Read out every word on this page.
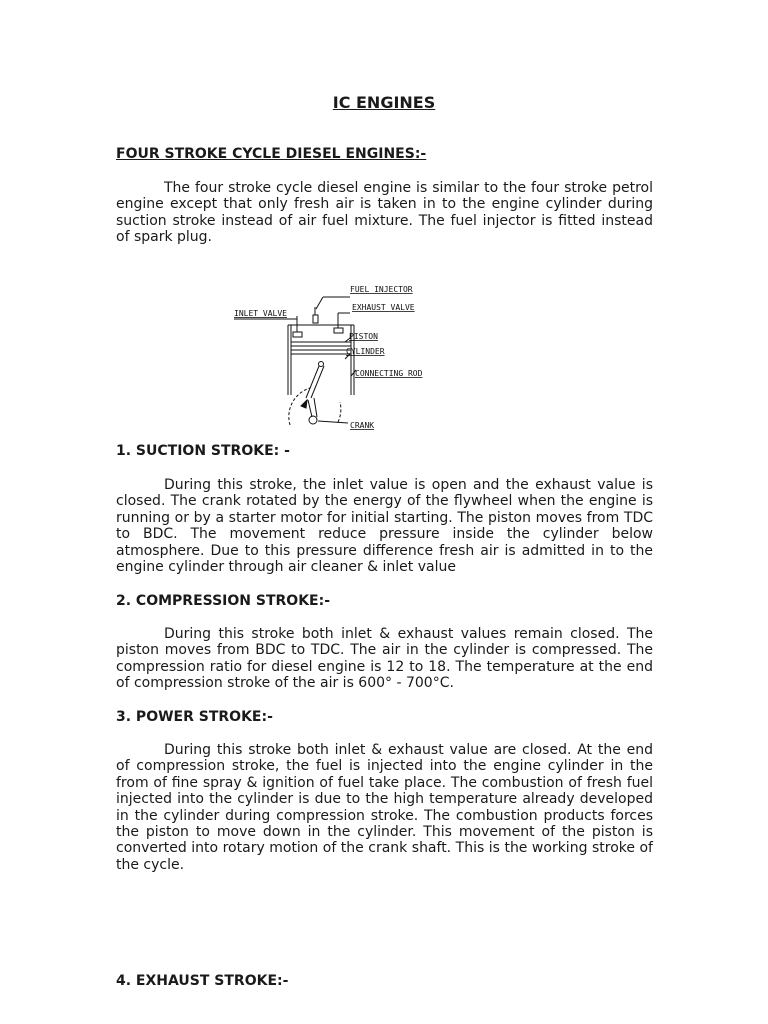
IC ENGINES
FOUR STROKE CYCLE DIESEL ENGINES:-

The four stroke cycle diesel engine is similar to the four stroke petrol engine except that only fresh air is taken in to the engine cylinder during suction stroke instead of air fuel mixture. The fuel injector is fitted instead of spark plug.

FUEL INJECTOR
EXHAUST VALVE
INLET VALVE
PISTON
CYLINDER
CONNECTING ROD
CRANK
1. SUCTION STROKE: -

During this stroke, the inlet value is open and the exhaust value is closed. The crank rotated by the energy of the flywheel when the engine is running or by a starter motor for initial starting. The piston moves from TDC to BDC. The movement reduce pressure inside the cylinder below atmosphere. Due to this pressure difference fresh air is admitted in to the engine cylinder through air cleaner & inlet value

2. COMPRESSION STROKE:-

During this stroke both inlet & exhaust values remain closed. The piston moves from BDC to TDC. The air in the cylinder is compressed. The compression ratio for diesel engine is 12 to 18. The temperature at the end of compression stroke of the air is 600° - 700°C.

3. POWER STROKE:-

During this stroke both inlet & exhaust value are closed. At the end of compression stroke, the fuel is injected into the engine cylinder in the from of fine spray & ignition of fuel take place. The combustion of fresh fuel injected into the cylinder is due to the high temperature already developed in the cylinder during compression stroke. The combustion products forces the piston to move down in the cylinder. This movement of the piston is converted into rotary motion of the crank shaft. This is the working stroke of the cycle.

4. EXHAUST STROKE:-
